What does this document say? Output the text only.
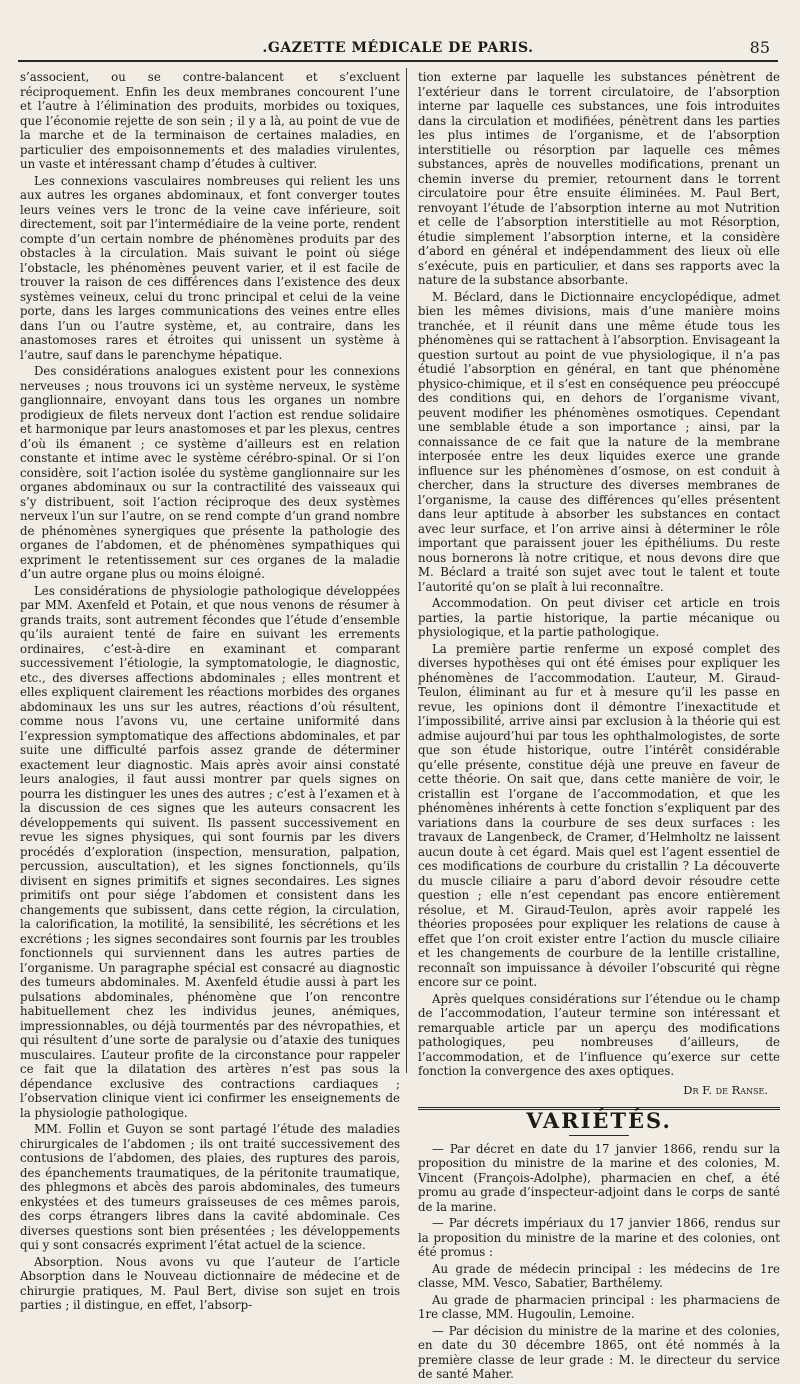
.GAZETTE MÉDICALE DE PARIS.	85

s’associent, ou se contre-balancent et s’excluent réciproquement. Enfin les deux membranes concourent l’une et l’autre à l’élimination des produits, morbides ou toxiques, que l’économie rejette de son sein ; il y a là, au point de vue de la marche et de la terminaison de certaines maladies, en particulier des empoisonnements et des maladies virulentes, un vaste et intéressant champ d’études à cultiver.

Les connexions vasculaires nombreuses qui relient les uns aux autres les organes abdominaux, et font converger toutes leurs veines vers le tronc de la veine cave inférieure, soit directement, soit par l’intermédiaire de la veine porte, rendent compte d’un certain nombre de phénomènes produits par des obstacles à la circulation. Mais suivant le point où siége l’obstacle, les phénomènes peuvent varier, et il est facile de trouver la raison de ces différences dans l’existence des deux systèmes veineux, celui du tronc principal et celui de la veine porte, dans les larges communications des veines entre elles dans l’un ou l’autre système, et, au contraire, dans les anastomoses rares et étroites qui unissent un système à l’autre, sauf dans le parenchyme hépatique.

Des considérations analogues existent pour les connexions nerveuses ; nous trouvons ici un système nerveux, le système ganglionnaire, envoyant dans tous les organes un nombre prodigieux de filets nerveux dont l’action est rendue solidaire et harmonique par leurs anastomoses et par les plexus, centres d’où ils émanent ; ce système d’ailleurs est en relation constante et intime avec le système cérébro-spinal. Or si l’on considère, soit l’action isolée du système ganglionnaire sur les organes abdominaux ou sur la contractilité des vaisseaux qui s’y distribuent, soit l’action réciproque des deux systèmes nerveux l’un sur l’autre, on se rend compte d’un grand nombre de phénomènes synergiques que présente la pathologie des organes de l’abdomen, et de phénomènes sympathiques qui expriment le retentissement sur ces organes de la maladie d’un autre organe plus ou moins éloigné.

Les considérations de physiologie pathologique développées par MM. Axenfeld et Potain, et que nous venons de résumer à grands traits, sont autrement fécondes que l’étude d’ensemble qu’ils auraient tenté de faire en suivant les errements ordinaires, c’est-à-dire en examinant et comparant successivement l’étiologie, la symptomatologie, le diagnostic, etc., des diverses affections abdominales ; elles montrent et elles expliquent clairement les réactions morbides des organes abdominaux les uns sur les autres, réactions d’où résultent, comme nous l’avons vu, une certaine uniformité dans l’expression symptomatique des affections abdominales, et par suite une difficulté parfois assez grande de déterminer exactement leur diagnostic. Mais après avoir ainsi constaté leurs analogies, il faut aussi montrer par quels signes on pourra les distinguer les unes des autres ; c’est à l’examen et à la discussion de ces signes que les auteurs consacrent les développements qui suivent. Ils passent successivement en revue les signes physiques, qui sont fournis par les divers procédés d’exploration (inspection, mensuration, palpation, percussion, auscultation), et les signes fonctionnels, qu’ils divisent en signes primitifs et signes secondaires. Les signes primitifs ont pour siége l’abdomen et consistent dans les changements que subissent, dans cette région, la circulation, la calorification, la motilité, la sensibilité, les sécrétions et les excrétions ; les signes secondaires sont fournis par les troubles fonctionnels qui surviennent dans les autres parties de l’organisme. Un paragraphe spécial est consacré au diagnostic des tumeurs abdominales. M. Axenfeld étudie aussi à part les pulsations abdominales, phénomène que l’on rencontre habituellement chez les individus jeunes, anémiques, impressionnables, ou déjà tourmentés par des névropathies, et qui résultent d’une sorte de paralysie ou d’ataxie des tuniques musculaires. L’auteur profite de la circonstance pour rappeler ce fait que la dilatation des artères n’est pas sous la dépendance exclusive des contractions cardiaques ; l’observation clinique vient ici confirmer les enseignements de la physiologie pathologique.

MM. Follin et Guyon se sont partagé l’étude des maladies chirurgicales de l’abdomen ; ils ont traité successivement des contusions de l’abdomen, des plaies, des ruptures des parois, des épanchements traumatiques, de la péritonite traumatique, des phlegmons et abcès des parois abdominales, des tumeurs enkystées et des tumeurs graisseuses de ces mêmes parois, des corps étrangers libres dans la cavité abdominale. Ces diverses questions sont bien présentées ; les développements qui y sont consacrés expriment l’état actuel de la science.

Absorption. Nous avons vu que l’auteur de l’article Absorption dans le Nouveau dictionnaire de médecine et de chirurgie pratiques, M. Paul Bert, divise son sujet en trois parties ; il distingue, en effet, l’absorp-

tion externe par laquelle les substances pénètrent de l’extérieur dans le torrent circulatoire, de l’absorption interne par laquelle ces substances, une fois introduites dans la circulation et modifiées, pénètrent dans les parties les plus intimes de l’organisme, et de l’absorption interstitielle ou résorption par laquelle ces mêmes substances, après de nouvelles modifications, prenant un chemin inverse du premier, retournent dans le torrent circulatoire pour être ensuite éliminées. M. Paul Bert, renvoyant l’étude de l’absorption interne au mot Nutrition et celle de l’absorption interstitielle au mot Résorption, étudie simplement l’absorption interne, et la considère d’abord en général et indépendamment des lieux où elle s’exécute, puis en particulier, et dans ses rapports avec la nature de la substance absorbante.

M. Béclard, dans le Dictionnaire encyclopédique, admet bien les mêmes divisions, mais d’une manière moins tranchée, et il réunit dans une même étude tous les phénomènes qui se rattachent à l’absorption. Envisageant la question surtout au point de vue physiologique, il n’a pas étudié l’absorption en général, en tant que phénomène physico-chimique, et il s’est en conséquence peu préoccupé des conditions qui, en dehors de l’organisme vivant, peuvent modifier les phénomènes osmotiques. Cependant une semblable étude a son importance ; ainsi, par la connaissance de ce fait que la nature de la membrane interposée entre les deux liquides exerce une grande influence sur les phénomènes d’osmose, on est conduit à chercher, dans la structure des diverses membranes de l’organisme, la cause des différences qu’elles présentent dans leur aptitude à absorber les substances en contact avec leur surface, et l’on arrive ainsi à déterminer le rôle important que paraissent jouer les épithéliums. Du reste nous bornerons là notre critique, et nous devons dire que M. Béclard a traité son sujet avec tout le talent et toute l’autorité qu’on se plaît à lui reconnaître.

Accommodation. On peut diviser cet article en trois parties, la partie historique, la partie mécanique ou physiologique, et la partie pathologique.

La première partie renferme un exposé complet des diverses hypothèses qui ont été émises pour expliquer les phénomènes de l’accommodation. L’auteur, M. Giraud-Teulon, éliminant au fur et à mesure qu’il les passe en revue, les opinions dont il démontre l’inexactitude et l’impossibilité, arrive ainsi par exclusion à la théorie qui est admise aujourd’hui par tous les ophthalmologistes, de sorte que son étude historique, outre l’intérêt considérable qu’elle présente, constitue déjà une preuve en faveur de cette théorie. On sait que, dans cette manière de voir, le cristallin est l’organe de l’accommodation, et que les phénomènes inhérents à cette fonction s’expliquent par des variations dans la courbure de ses deux surfaces : les travaux de Langenbeck, de Cramer, d’Helmholtz ne laissent aucun doute à cet égard. Mais quel est l’agent essentiel de ces modifications de courbure du cristallin ? La découverte du muscle ciliaire a paru d’abord devoir résoudre cette question ; elle n’est cependant pas encore entièrement résolue, et M. Giraud-Teulon, après avoir rappelé les théories proposées pour expliquer les relations de cause à effet que l’on croit exister entre l’action du muscle ciliaire et les changements de courbure de la lentille cristalline, reconnaît son impuissance à dévoiler l’obscurité qui règne encore sur ce point.

Après quelques considérations sur l’étendue ou le champ de l’accommodation, l’auteur termine son intéressant et remarquable article par un aperçu des modifications pathologiques, peu nombreuses d’ailleurs, de l’accommodation, et de l’influence qu’exerce sur cette fonction la convergence des axes optiques.

Dr F. de Ranse.

VARIÉTÉS.

— Par décret en date du 17 janvier 1866, rendu sur la proposition du ministre de la marine et des colonies, M. Vincent (François-Adolphe), pharmacien en chef, a été promu au grade d’inspecteur-adjoint dans le corps de santé de la marine.

— Par décrets impériaux du 17 janvier 1866, rendus sur la proposition du ministre de la marine et des colonies, ont été promus :

Au grade de médecin principal : les médecins de 1re classe, MM. Vesco, Sabatier, Barthélemy.

Au grade de pharmacien principal : les pharmaciens de 1re classe, MM. Hugoulin, Lemoine.

— Par décision du ministre de la marine et des colonies, en date du 30 décembre 1865, ont été nommés à la première classe de leur grade : M. le directeur du service de santé Maher.
